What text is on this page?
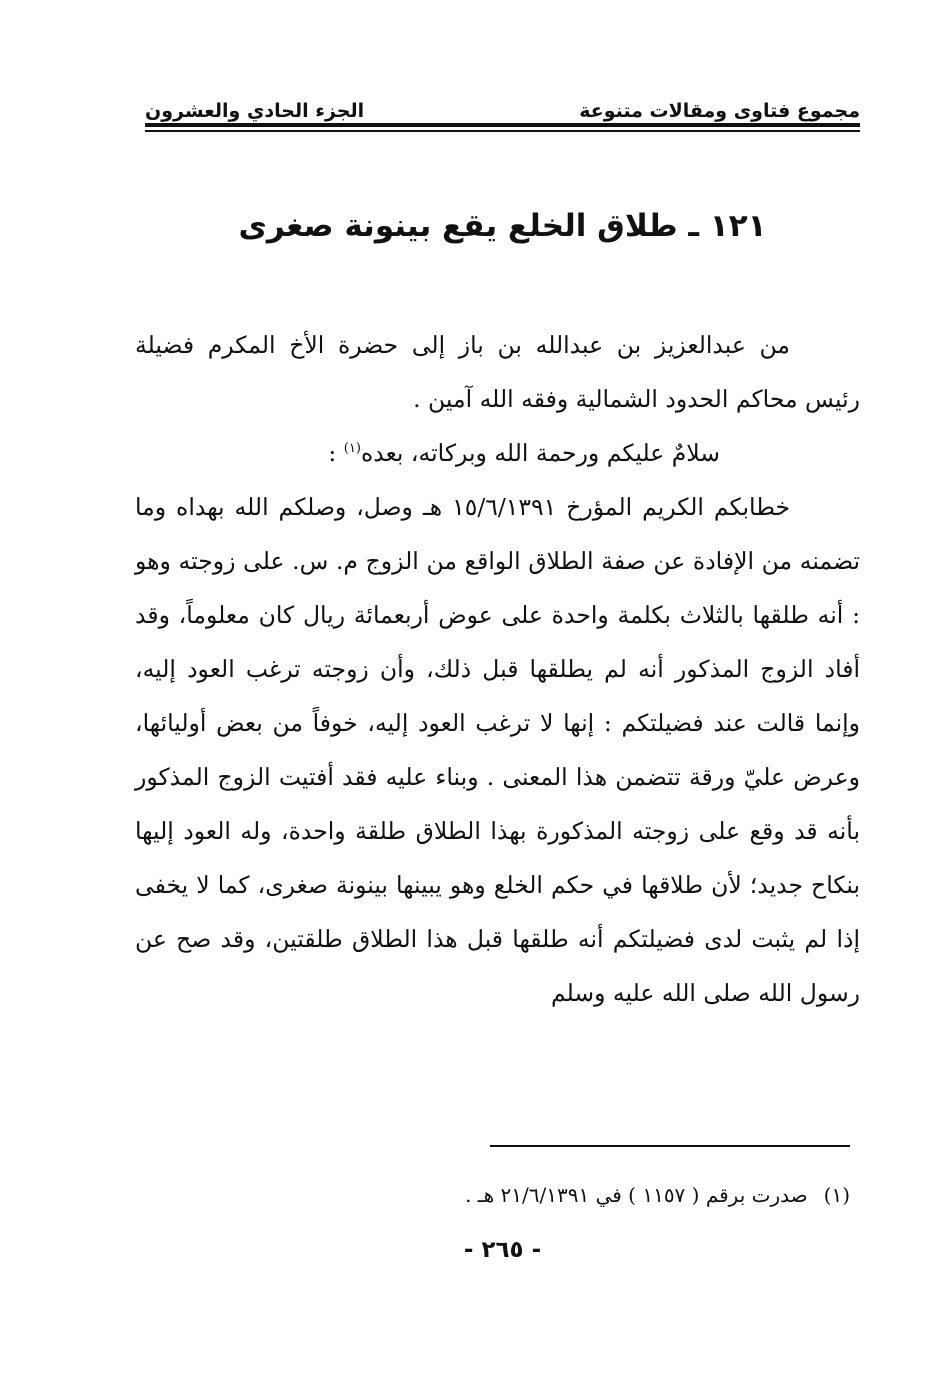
مجموع فتاوى ومقالات متنوعة
الجزء الحادي والعشرون
١٢١ ـ طلاق الخلع يقع بينونة صغرى

من عبدالعزيز بن عبدالله بن باز إلى حضرة الأخ المكرم فضيلة رئيس محاكم الحدود الشمالية وفقه الله آمين .

سلامٌ عليكم ورحمة الله وبركاته، بعده$^{(١)}$ :

خطابكم الكريم المؤرخ ١٥/٦/١٣٩١ هـ وصل، وصلكم الله بهداه وما تضمنه من الإفادة عن صفة الطلاق الواقع من الزوج م. س. على زوجته وهو : أنه طلقها بالثلاث بكلمة واحدة على عوض أربعمائة ريال كان معلوماً، وقد أفاد الزوج المذكور أنه لم يطلقها قبل ذلك، وأن زوجته ترغب العود إليه، وإنما قالت عند فضيلتكم : إنها لا ترغب العود إليه، خوفاً من بعض أوليائها، وعرض عليّ ورقة تتضمن هذا المعنى . وبناء عليه فقد أفتيت الزوج المذكور بأنه قد وقع على زوجته المذكورة بهذا الطلاق طلقة واحدة، وله العود إليها بنكاح جديد؛ لأن طلاقها في حكم الخلع وهو يبينها بينونة صغرى، كما لا يخفى إذا لم يثبت لدى فضيلتكم أنه طلقها قبل هذا الطلاق طلقتين، وقد صح عن رسول الله صلى الله عليه وسلم

(١)
صدرت برقم ( ١١٥٧ ) في ٢١/٦/١٣٩١ هـ .
- ٢٦٥ -
